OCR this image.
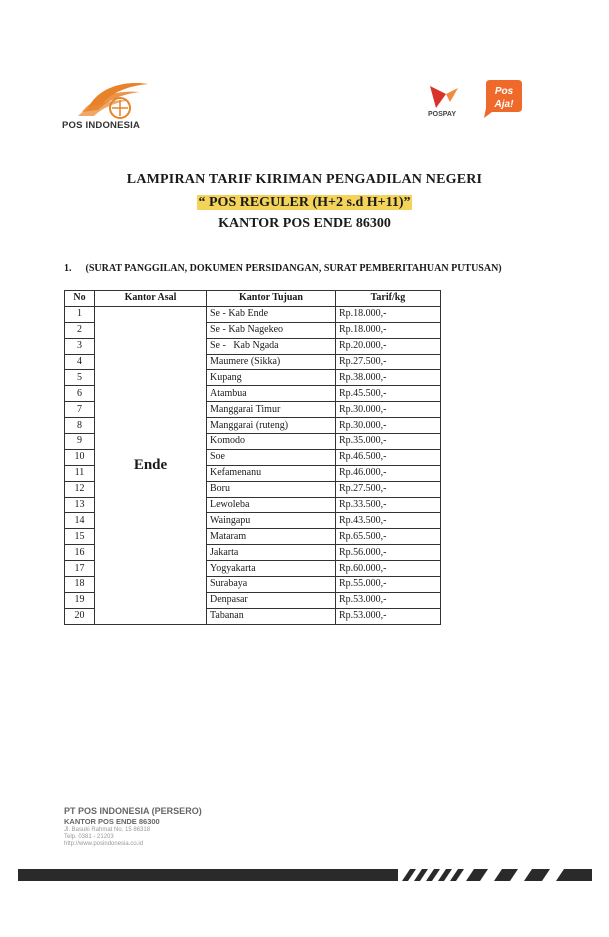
POS INDONESIA
POSPAY
Pos
Aja!
LAMPIRAN TARIF KIRIMAN PENGADILAN NEGERI
“ POS REGULER (H+2 s.d H+11)”
KANTOR POS ENDE 86300
1. (SURAT PANGGILAN, DOKUMEN PERSIDANGAN, SURAT PEMBERITAHUAN PUTUSAN)
No	Kantor Asal	Kantor Tujuan	Tarif/kg
1	Ende	Se - Kab Ende	Rp.18.000,-
2		Se - Kab Nagekeo	Rp.18.000,-
3		Se -   Kab Ngada	Rp.20.000,-
4		Maumere (Sikka)	Rp.27.500,-
5		Kupang	Rp.38.000,-
6		Atambua	Rp.45.500,-
7		Manggarai Timur	Rp.30.000,-
8		Manggarai (ruteng)	Rp.30.000,-
9		Komodo	Rp.35.000,-
10		Soe	Rp.46.500,-
11		Kefamenanu	Rp.46.000,-
12		Boru	Rp.27.500,-
13		Lewoleba	Rp.33.500,-
14		Waingapu	Rp.43.500,-
15		Mataram	Rp.65.500,-
16		Jakarta	Rp.56.000,-
17		Yogyakarta	Rp.60.000,-
18		Surabaya	Rp.55.000,-
19		Denpasar	Rp.53.000,-
20		Tabanan	Rp.53.000,-
PT POS INDONESIA (PERSERO)
KANTOR POS ENDE 86300
Jl. Basuki Rahmat No. 15 86318
Telp. 0381 - 21203
http://www.posindonesia.co.id
